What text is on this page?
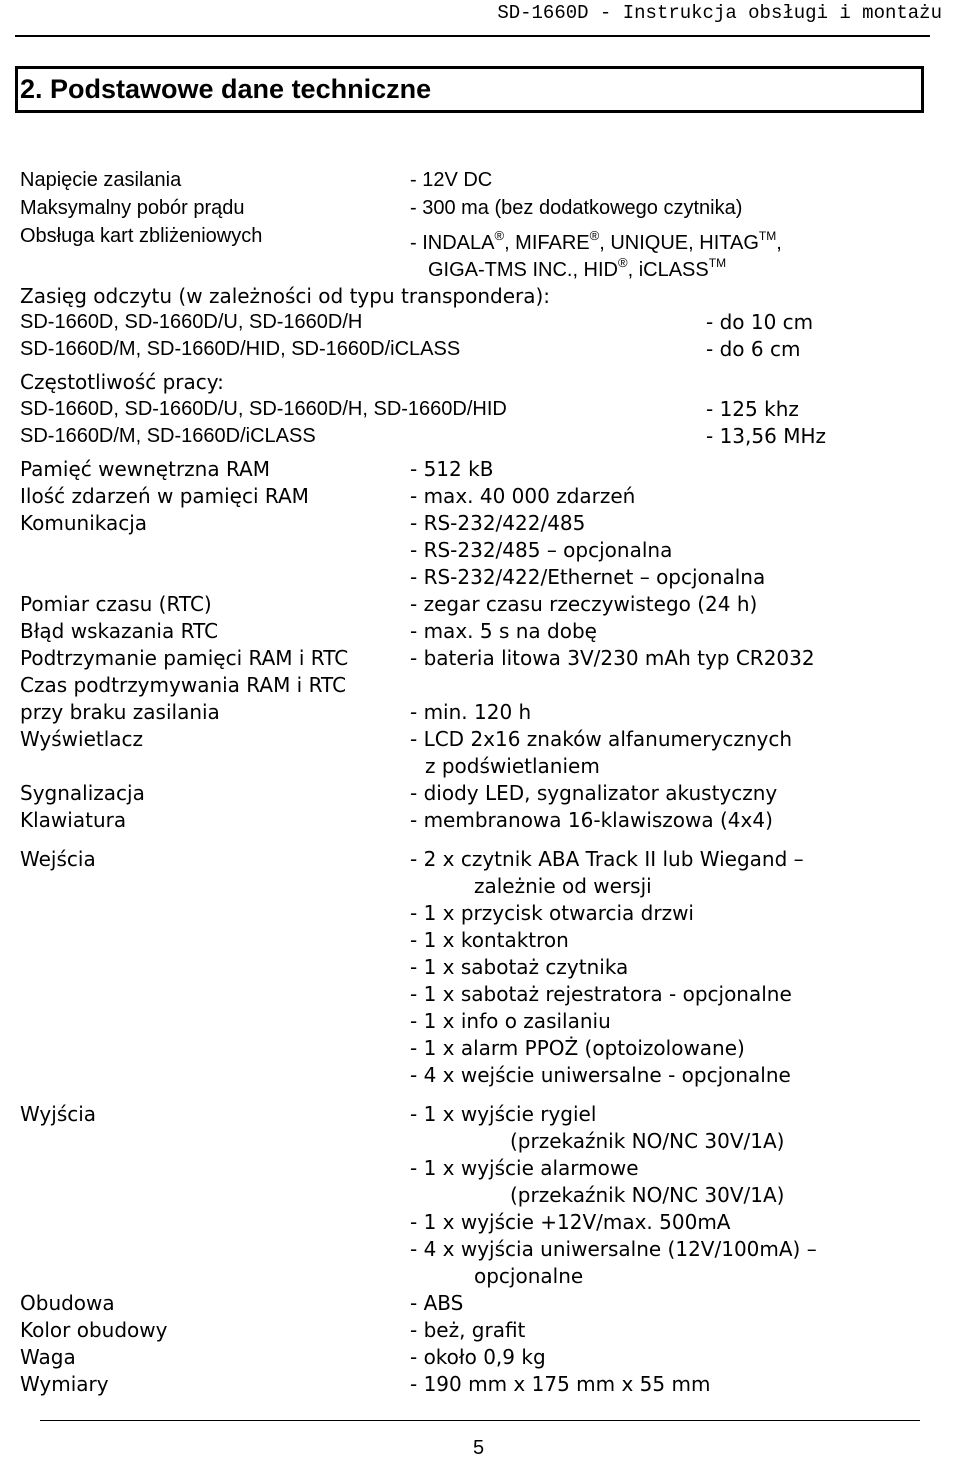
SD-1660D - Instrukcja obsługi i montażu
2. Podstawowe dane techniczne
Napięcie zasilania	- 12V DC
Maksymalny pobór prądu	- 300 ma (bez dodatkowego czytnika)
Obsługa kart zbliżeniowych	- INDALA®, MIFARE®, UNIQUE, HITAG™,
GIGA-TMS INC., HID®, iCLASS™
Zasięg odczytu (w zależności od typu transpondera):
SD-1660D, SD-1660D/U, SD-1660D/H	- do 10 cm
SD-1660D/M, SD-1660D/HID, SD-1660D/iCLASS	- do 6 cm
Częstotliwość pracy:
SD-1660D, SD-1660D/U, SD-1660D/H, SD-1660D/HID	- 125 khz
SD-1660D/M, SD-1660D/iCLASS	- 13,56 MHz
Pamięć wewnętrzna RAM	- 512 kB
Ilość zdarzeń w pamięci RAM	- max. 40 000 zdarzeń
Komunikacja	- RS-232/422/485
- RS-232/485 – opcjonalna
- RS-232/422/Ethernet – opcjonalna
Pomiar czasu (RTC)	- zegar czasu rzeczywistego (24 h)
Błąd wskazania RTC	- max. 5 s na dobę
Podtrzymanie pamięci RAM i RTC	- bateria litowa 3V/230 mAh typ CR2032
Czas podtrzymywania RAM i RTC
przy braku zasilania	- min. 120 h
Wyświetlacz	- LCD 2x16 znaków alfanumerycznych
z podświetlaniem
Sygnalizacja	- diody LED, sygnalizator akustyczny
Klawiatura	- membranowa 16-klawiszowa (4x4)
Wejścia	- 2 x czytnik ABA Track II lub Wiegand –
zależnie od wersji
- 1 x przycisk otwarcia drzwi
- 1 x kontaktron
- 1 x sabotaż czytnika
- 1 x sabotaż rejestratora - opcjonalne
- 1 x info o zasilaniu
- 1 x alarm PPOŻ (optoizolowane)
- 4 x wejście uniwersalne - opcjonalne
Wyjścia	- 1 x wyjście rygiel
(przekaźnik NO/NC 30V/1A)
- 1 x wyjście alarmowe
(przekaźnik NO/NC 30V/1A)
- 1 x wyjście +12V/max. 500mA
- 4 x wyjścia uniwersalne (12V/100mA) –
opcjonalne
Obudowa	- ABS
Kolor obudowy	- beż, grafit
Waga	- około 0,9 kg
Wymiary	- 190 mm x 175 mm x 55 mm
5
